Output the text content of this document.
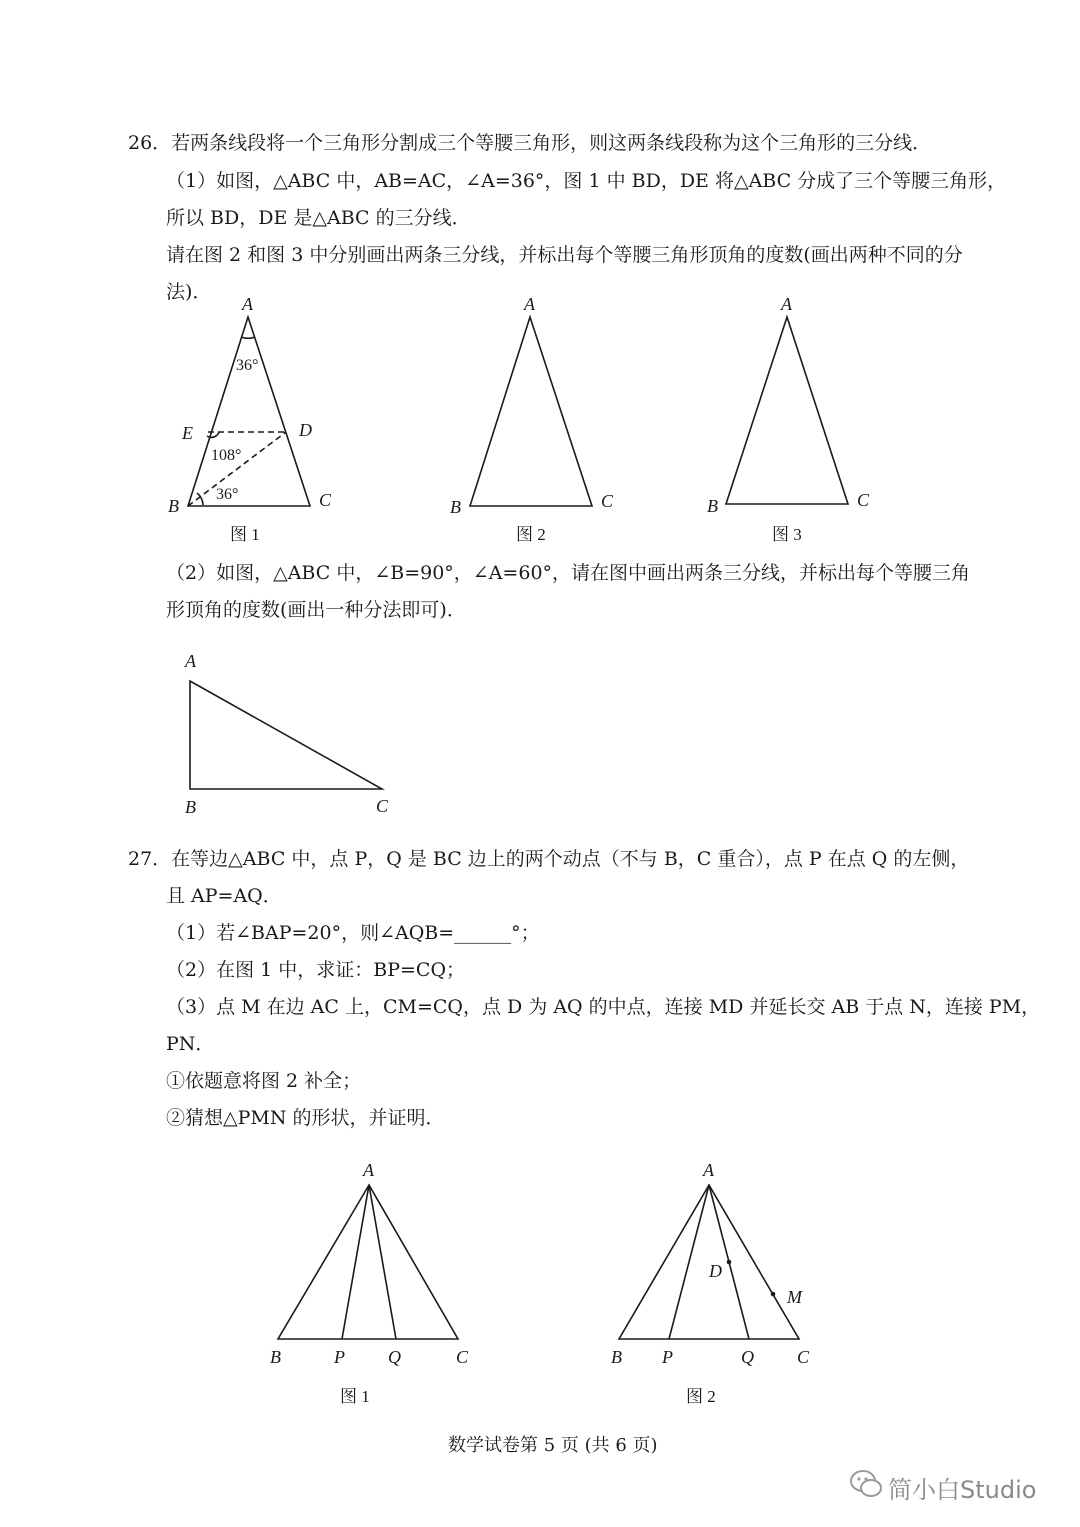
26．若两条线段将一个三角形分割成三个等腰三角形，则这两条线段称为这个三角形的三分线．
（1）如图，△ABC 中，AB=AC，∠A=36°，图 1 中 BD，DE 将△ABC 分成了三个等腰三角形，
所以 BD，DE 是△ABC 的三分线．
请在图 2 和图 3 中分别画出两条三分线，并标出每个等腰三角形顶角的度数(画出两种不同的分
法)．
A
36°
E	D
108°
36°
B	C
图 1
A
B	C
图 2
A
B	C
图 3
（2）如图，△ABC 中，∠B=90°，∠A=60°，请在图中画出两条三分线，并标出每个等腰三角
形顶角的度数(画出一种分法即可)．
A
B	C
27．在等边△ABC 中，点 P，Q 是 BC 边上的两个动点（不与 B，C 重合），点 P 在点 Q 的左侧，
且 AP=AQ．
（1）若∠BAP=20°，则∠AQB=______°；
（2）在图 1 中，求证：BP=CQ；
（3）点 M 在边 AC 上，CM=CQ，点 D 为 AQ 的中点，连接 MD 并延长交 AB 于点 N，连接 PM，
PN．
①依题意将图 2 补全；
②猜想△PMN 的形状，并证明．
A
B	P Q	C
图 1
A
D
M
B P	Q C
图 2
数学试卷第 5 页 (共 6 页)
简小白Studio
